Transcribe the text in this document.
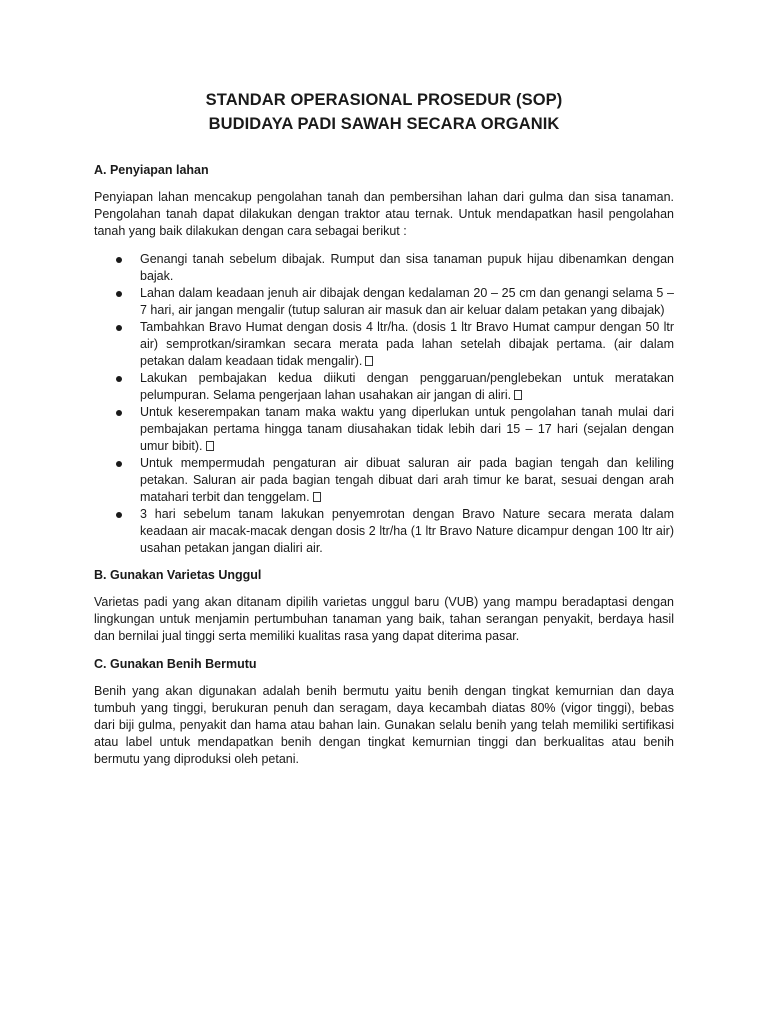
STANDAR OPERASIONAL PROSEDUR (SOP)
BUDIDAYA PADI SAWAH SECARA ORGANIK
A. Penyiapan lahan

Penyiapan lahan mencakup pengolahan tanah dan pembersihan lahan dari gulma dan sisa tanaman. Pengolahan tanah dapat dilakukan dengan traktor atau ternak. Untuk mendapatkan hasil pengolahan tanah yang baik dilakukan dengan cara sebagai berikut :

Genangi tanah sebelum dibajak. Rumput dan sisa tanaman pupuk hijau dibenamkan dengan bajak.
Lahan dalam keadaan jenuh air dibajak dengan kedalaman 20 – 25 cm dan genangi selama 5 – 7 hari, air jangan mengalir (tutup saluran air masuk dan air keluar dalam petakan yang dibajak)
Tambahkan Bravo Humat dengan dosis 4 ltr/ha. (dosis 1 ltr Bravo Humat campur dengan 50 ltr air) semprotkan/siramkan secara merata pada lahan setelah dibajak pertama. (air dalam petakan dalam keadaan tidak mengalir).
Lakukan pembajakan kedua diikuti dengan penggaruan/penglebekan untuk meratakan pelumpuran. Selama pengerjaan lahan usahakan air jangan di aliri.
Untuk keserempakan tanam maka waktu yang diperlukan untuk pengolahan tanah mulai dari pembajakan pertama hingga tanam diusahakan tidak lebih dari 15 – 17 hari (sejalan dengan umur bibit).
Untuk mempermudah pengaturan air dibuat saluran air pada bagian tengah dan keliling petakan. Saluran air pada bagian tengah dibuat dari arah timur ke barat, sesuai dengan arah matahari terbit dan tenggelam.
3 hari sebelum tanam lakukan penyemrotan dengan Bravo Nature secara merata dalam keadaan air macak-macak dengan dosis 2 ltr/ha (1 ltr Bravo Nature dicampur dengan 100 ltr air) usahan petakan jangan dialiri air.
B. Gunakan Varietas Unggul

Varietas padi yang akan ditanam dipilih varietas unggul baru (VUB) yang mampu beradaptasi dengan lingkungan untuk menjamin pertumbuhan tanaman yang baik, tahan serangan penyakit, berdaya hasil dan bernilai jual tinggi serta memiliki kualitas rasa yang dapat diterima pasar.

C. Gunakan Benih Bermutu

Benih yang akan digunakan adalah benih bermutu yaitu benih dengan tingkat kemurnian dan daya tumbuh yang tinggi, berukuran penuh dan seragam, daya kecambah diatas 80% (vigor tinggi), bebas dari biji gulma, penyakit dan hama atau bahan lain. Gunakan selalu benih yang telah memiliki sertifikasi atau label untuk mendapatkan benih dengan tingkat kemurnian tinggi dan berkualitas atau benih bermutu yang diproduksi oleh petani.
